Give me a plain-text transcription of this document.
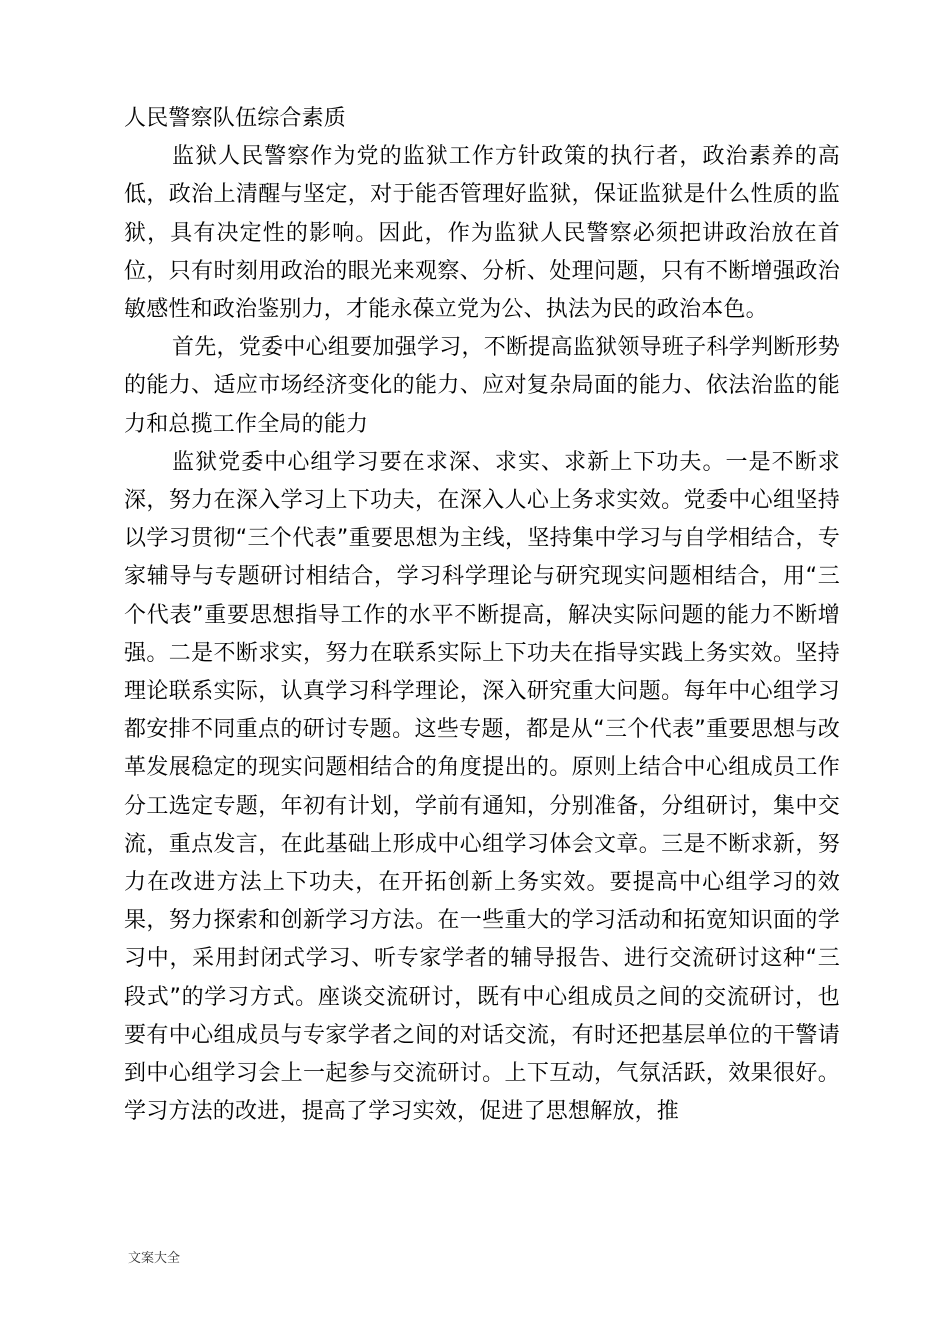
人民警察队伍综合素质

监狱人民警察作为党的监狱工作方针政策的执行者，政治素养的高低，政治上清醒与坚定，对于能否管理好监狱，保证监狱是什么性质的监狱，具有决定性的影响。因此，作为监狱人民警察必须把讲政治放在首位，只有时刻用政治的眼光来观察、分析、处理问题，只有不断增强政治敏感性和政治鉴别力，才能永葆立党为公、执法为民的政治本色。

首先，党委中心组要加强学习，不断提高监狱领导班子科学判断形势的能力、适应市场经济变化的能力、应对复杂局面的能力、依法治监的能力和总揽工作全局的能力

监狱党委中心组学习要在求深、求实、求新上下功夫。一是不断求深，努力在深入学习上下功夫，在深入人心上务求实效。党委中心组坚持以学习贯彻“三个代表”重要思想为主线，坚持集中学习与自学相结合，专家辅导与专题研讨相结合，学习科学理论与研究现实问题相结合，用“三个代表”重要思想指导工作的水平不断提高，解决实际问题的能力不断增强。二是不断求实，努力在联系实际上下功夫在指导实践上务实效。坚持理论联系实际，认真学习科学理论，深入研究重大问题。每年中心组学习都安排不同重点的研讨专题。这些专题，都是从“三个代表”重要思想与改革发展稳定的现实问题相结合的角度提出的。原则上结合中心组成员工作分工选定专题，年初有计划，学前有通知，分别准备，分组研讨，集中交流，重点发言，在此基础上形成中心组学习体会文章。三是不断求新，努力在改进方法上下功夫，在开拓创新上务实效。要提高中心组学习的效果，努力探索和创新学习方法。在一些重大的学习活动和拓宽知识面的学习中，采用封闭式学习、听专家学者的辅导报告、进行交流研讨这种“三段式”的学习方式。座谈交流研讨，既有中心组成员之间的交流研讨，也要有中心组成员与专家学者之间的对话交流，有时还把基层单位的干警请到中心组学习会上一起参与交流研讨。上下互动，气氛活跃，效果很好。学习方法的改进，提高了学习实效，促进了思想解放，推

文案大全
